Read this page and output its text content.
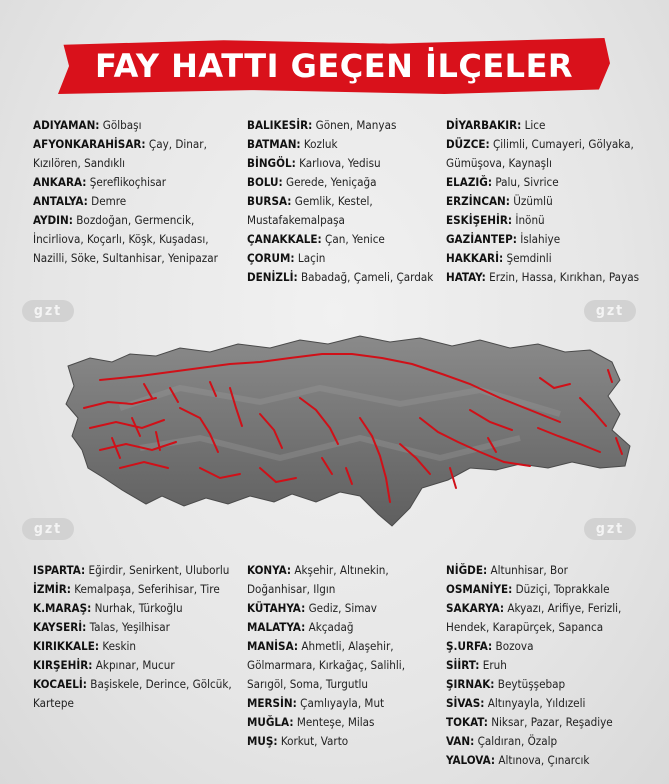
FAY HATTI GEÇEN İLÇELER
ADIYAMAN: Gölbaşı
AFYONKARAHİSAR: Çay, Dinar, Kızılören, Sandıklı
ANKARA: Şereflikoçhisar
ANTALYA: Demre
AYDIN: Bozdoğan, Germencik, İncirliova, Koçarlı, Köşk, Kuşadası, Nazilli, Söke, Sultanhisar, Yenipazar
BALIKESİR: Gönen, Manyas
BATMAN: Kozluk
BİNGÖL: Karlıova, Yedisu
BOLU: Gerede, Yeniçağa
BURSA: Gemlik, Kestel, Mustafakemalpaşa
ÇANAKKALE: Çan, Yenice
ÇORUM: Laçin
DENİZLİ: Babadağ, Çameli, Çardak
DİYARBAKIR: Lice
DÜZCE: Çilimli, Cumayeri, Gölyaka, Gümüşova, Kaynaşlı
ELAZIĞ: Palu, Sivrice
ERZİNCAN: Üzümlü
ESKİŞEHİR: İnönü
GAZİANTEP: İslahiye
HAKKARİ: Şemdinli
HATAY: Erzin, Hassa, Kırıkhan, Payas
gzt	gzt
gzt	gzt
ISPARTA: Eğirdir, Senirkent, Uluborlu
İZMİR: Kemalpaşa, Seferihisar, Tire
K.MARAŞ: Nurhak, Türkoğlu
KAYSERİ: Talas, Yeşilhisar
KIRIKKALE: Keskin
KIRŞEHİR: Akpınar, Mucur
KOCAELİ: Başiskele, Derince, Gölcük, Kartepe
KONYA: Akşehir, Altınekin, Doğanhisar, Ilgın
KÜTAHYA: Gediz, Simav
MALATYA: Akçadağ
MANİSA: Ahmetli, Alaşehir, Gölmarmara, Kırkağaç, Salihli, Sarıgöl, Soma, Turgutlu
MERSİN: Çamlıyayla, Mut
MUĞLA: Menteşe, Milas
MUŞ: Korkut, Varto
NİĞDE: Altunhisar, Bor
OSMANİYE: Düziçi, Toprakkale
SAKARYA: Akyazı, Arifiye, Ferizli, Hendek, Karapürçek, Sapanca
Ş.URFA: Bozova
SİİRT: Eruh
ŞIRNAK: Beytüşşebap
SİVAS: Altınyayla, Yıldızeli
TOKAT: Niksar, Pazar, Reşadiye
VAN: Çaldıran, Özalp
YALOVA: Altınova, Çınarcık
